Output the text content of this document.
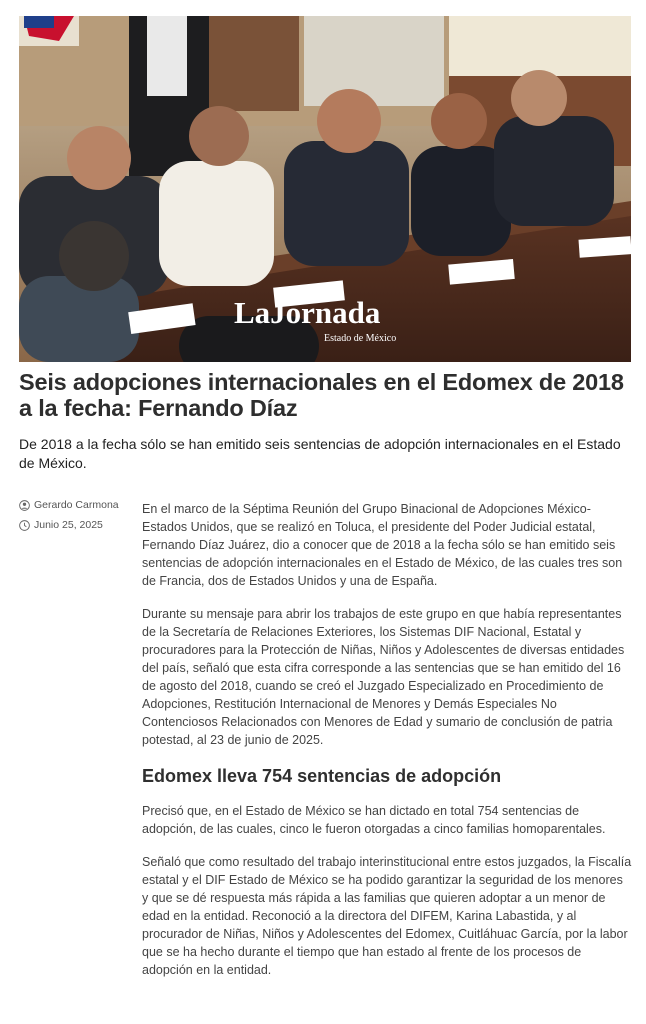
LaJornada
Estado de México
Seis adopciones internacionales en el Edomex de 2018 a la fecha: Fernando Díaz

De 2018 a la fecha sólo se han emitido seis sentencias de adopción internacionales en el Estado de México.

Gerardo Carmona
Junio 25, 2025

En el marco de la Séptima Reunión del Grupo Binacional de Adopciones México-Estados Unidos, que se realizó en Toluca, el presidente del Poder Judicial estatal, Fernando Díaz Juárez, dio a conocer que de 2018 a la fecha sólo se han emitido seis sentencias de adopción internacionales en el Estado de México, de las cuales tres son de Francia, dos de Estados Unidos y una de España.

Durante su mensaje para abrir los trabajos de este grupo en que había representantes de la Secretaría de Relaciones Exteriores, los Sistemas DIF Nacional, Estatal y procuradores para la Protección de Niñas, Niños y Adolescentes de diversas entidades del país, señaló que esta cifra corresponde a las sentencias que se han emitido del 16 de agosto del 2018, cuando se creó el Juzgado Especializado en Procedimiento de Adopciones, Restitución Internacional de Menores y Demás Especiales No Contenciosos Relacionados con Menores de Edad y sumario de conclusión de patria potestad, al 23 de junio de 2025.

Edomex lleva 754 sentencias de adopción

Precisó que, en el Estado de México se han dictado en total 754 sentencias de adopción, de las cuales, cinco le fueron otorgadas a cinco familias homoparentales.

Señaló que como resultado del trabajo interinstitucional entre estos juzgados, la Fiscalía estatal y el DIF Estado de México se ha podido garantizar la seguridad de los menores y que se dé respuesta más rápida a las familias que quieren adoptar a un menor de edad en la entidad. Reconoció a la directora del DIFEM, Karina Labastida, y al procurador de Niñas, Niños y Adolescentes del Edomex, Cuitláhuac García, por la labor que se ha hecho durante el tiempo que han estado al frente de los procesos de adopción en la entidad.
